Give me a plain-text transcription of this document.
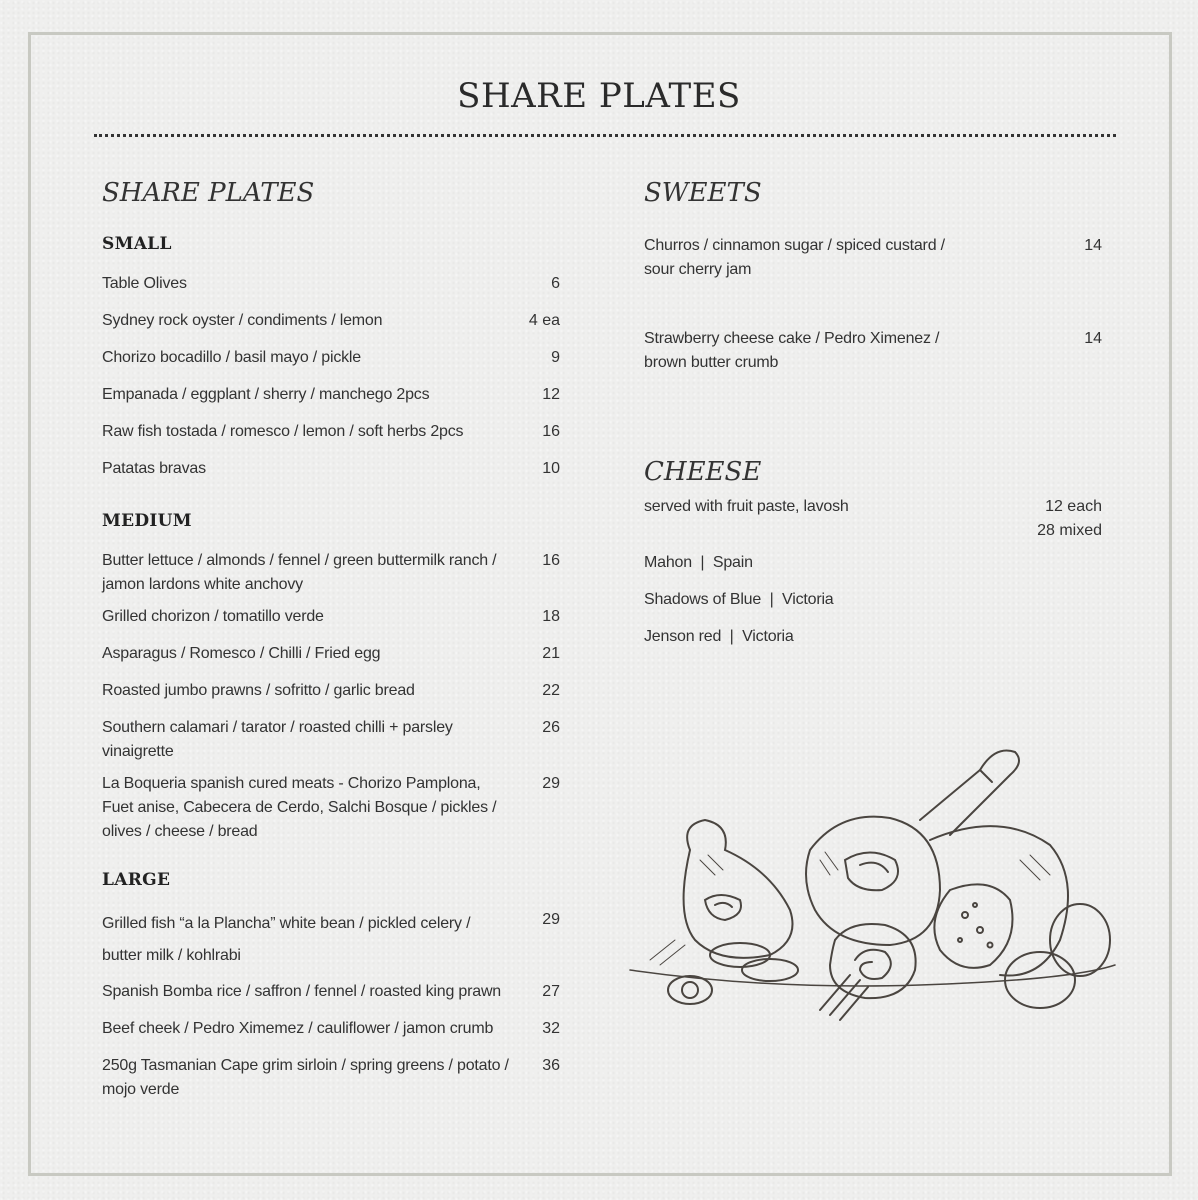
SHARE PLATES
SHARE PLATES
SMALL
Table Olives	6
Sydney rock oyster / condiments / lemon	4 ea
Chorizo bocadillo / basil mayo / pickle	9
Empanada / eggplant / sherry / manchego 2pcs	12
Raw fish tostada / romesco / lemon / soft herbs 2pcs	16
Patatas bravas	10
MEDIUM
Butter lettuce / almonds / fennel / green buttermilk ranch / jamon lardons white anchovy
16
Grilled chorizon / tomatillo verde	18
Asparagus / Romesco / Chilli / Fried egg	21
Roasted jumbo prawns / sofritto / garlic bread	22
Southern calamari / tarator / roasted chilli + parsley vinaigrette
26
La Boqueria spanish cured meats - Chorizo Pamplona, Fuet anise, Cabecera de Cerdo, Salchi Bosque / pickles / olives / cheese / bread
29
LARGE
Grilled fish “a la Plancha” white bean / pickled celery / butter milk / kohlrabi
29
Spanish Bomba rice / saffron / fennel / roasted king prawn	27
Beef cheek / Pedro Ximemez / cauliflower / jamon crumb	32
250g Tasmanian Cape grim sirloin / spring greens / potato / mojo verde
36
SWEETS
Churros / cinnamon sugar / spiced custard / sour cherry jam
14
Strawberry cheese cake / Pedro Ximenez / brown butter crumb
14
CHEESE
served with fruit paste, lavosh	12 each
28 mixed
Mahon  |  Spain
Shadows of Blue  |  Victoria
Jenson red  |  Victoria
